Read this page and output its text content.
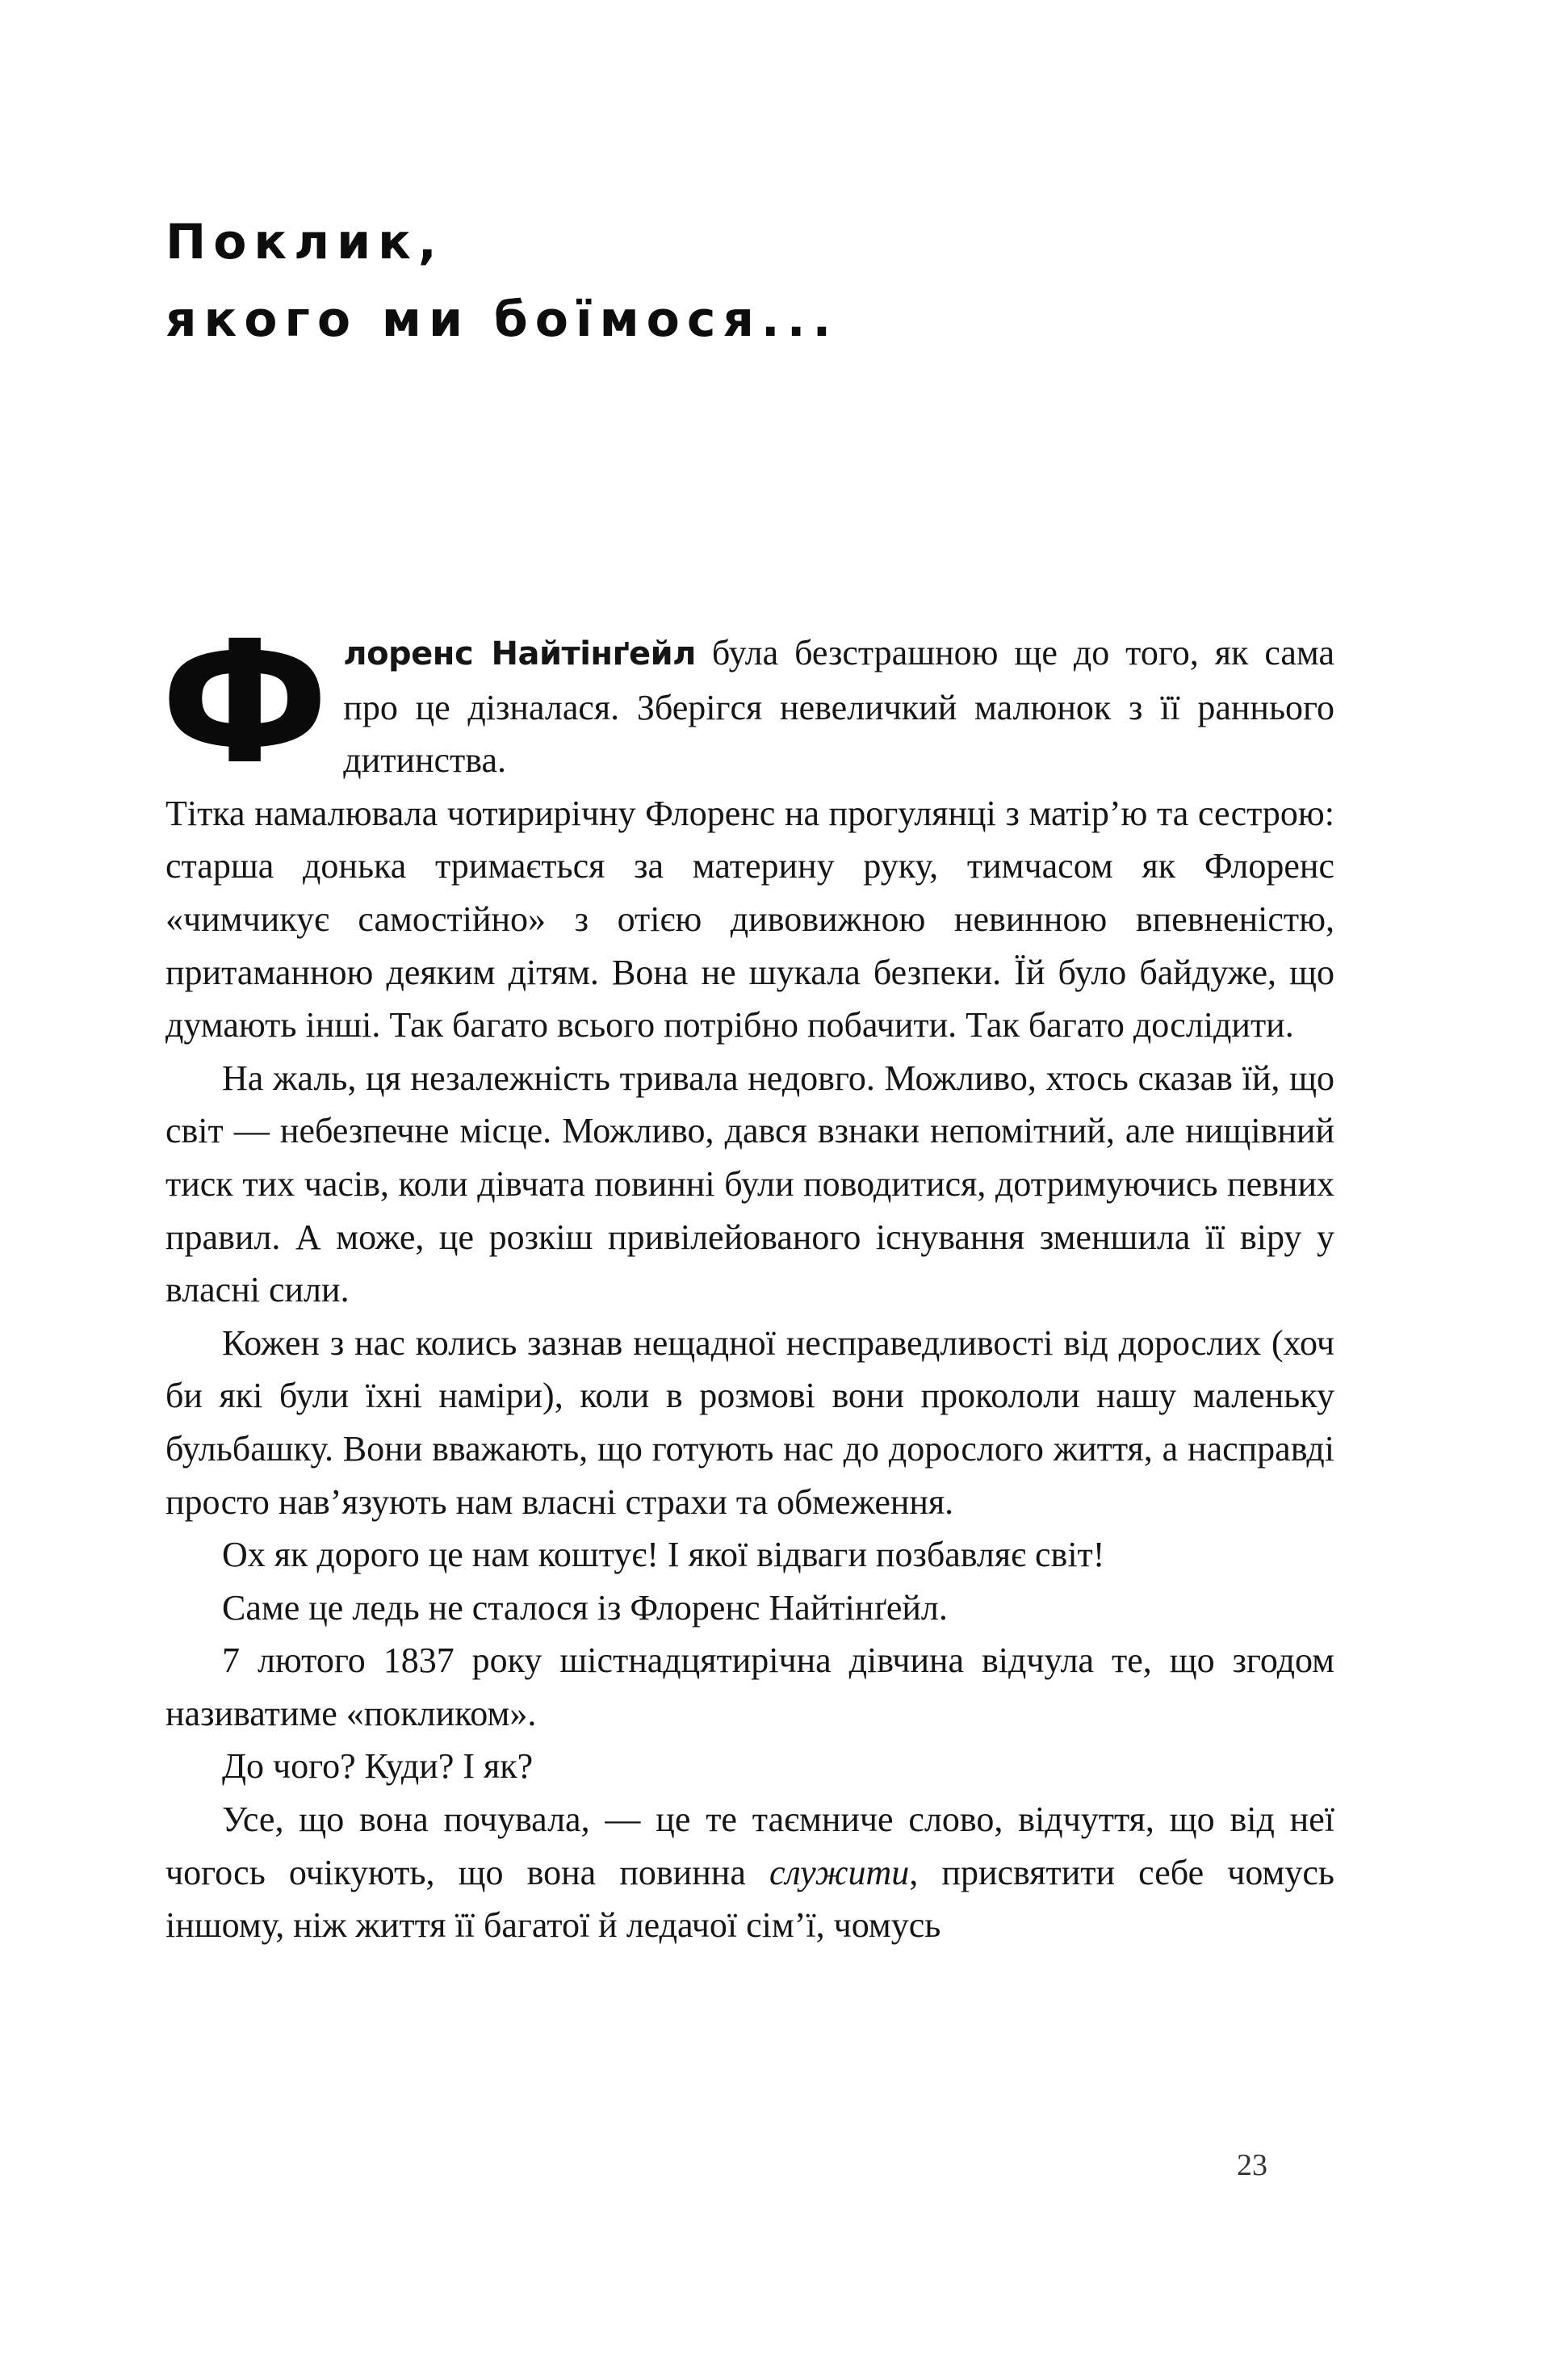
Поклик,
якого ми боїмося...

Флоренс Найтінґейл була безстрашною ще до того, як сама про це дізналася. Зберігся невеличкий малюнок з її раннього дитинства.

Тітка намалювала чотирирічну Флоренс на прогулянці з матір’ю та сестрою: старша донька тримається за материну руку, тимчасом як Флоренс «чимчикує самостійно» з отією дивовижною невинною впевненістю, притаманною деяким дітям. Вона не шукала безпеки. Їй було байдуже, що думають інші. Так багато всього потрібно побачити. Так багато дослідити.

На жаль, ця незалежність тривала недовго. Можливо, хтось сказав їй, що світ — небезпечне місце. Можливо, дався взнаки непомітний, але нищівний тиск тих часів, коли дівчата повинні були поводитися, дотримуючись певних правил. А може, це розкіш привілейованого існування зменшила її віру у власні сили.

Кожен з нас колись зазнав нещадної несправедливості від дорослих (хоч би які були їхні наміри), коли в розмові вони прокололи нашу маленьку бульбашку. Вони вважають, що готують нас до дорослого життя, а насправді просто нав’язують нам власні страхи та обмеження.

Ох як дорого це нам коштує! І якої відваги позбавляє світ!

Саме це ледь не сталося із Флоренс Найтінґейл.

7 лютого 1837 року шістнадцятирічна дівчина відчула те, що згодом називатиме «покликом».

До чого? Куди? І як?

Усе, що вона почувала, — це те таємниче слово, відчуття, що від неї чогось очікують, що вона повинна служити, присвятити себе чомусь іншому, ніж життя її багатої й ледачої сім’ї, чомусь

23
